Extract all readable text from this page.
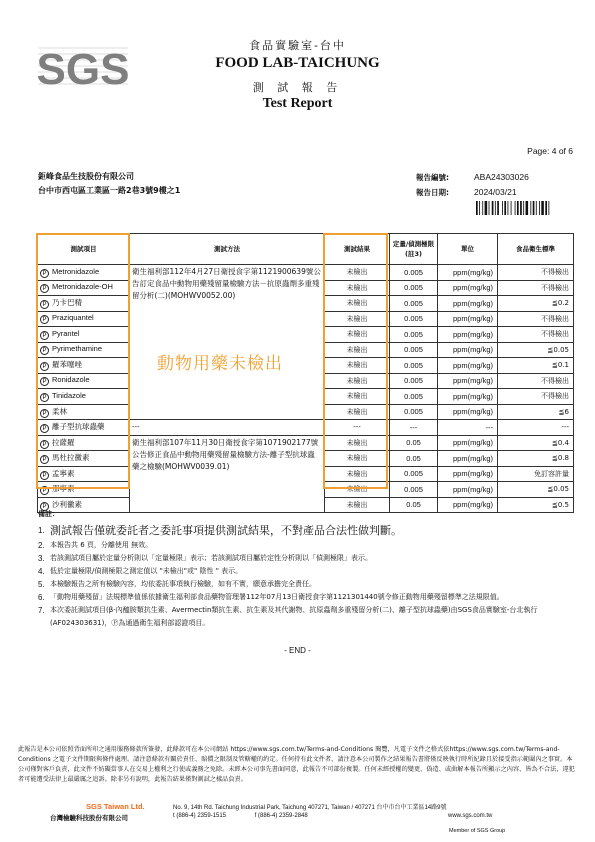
SGS	食品實驗室-台中
FOOD LAB-TAICHUNG
測 試 報 告
Test Report
Page: 4 of 6
鉅峰食品生技股份有限公司
台中市西屯區工業區一路2巷3號9樓之1
報告編號:	ABA24303026
報告日期:	2024/03/21
測試項目	測試方法	測試結果	定量/偵測極限(註3)	單位	食品衛生標準
P Metronidazole	衛生福利部112年4月27日衛授食字第1121900639號公告訂定食品中動物用藥殘留量檢驗方法－抗原蟲劑多重殘留分析(二)(MOHWV0052.00)	未檢出	0.005	ppm(mg/kg)	不得檢出
P Metronidazole-OH		未檢出	0.005	ppm(mg/kg)	不得檢出
P 乃卡巴精		未檢出	0.005	ppm(mg/kg)	≦0.2
P Praziquantel		未檢出	0.005	ppm(mg/kg)	不得檢出
P Pyrantel		未檢出	0.005	ppm(mg/kg)	不得檢出
P Pyrimethamine		未檢出	0.005	ppm(mg/kg)	≦0.05
P 羅苯噻唑		未檢出	0.005	ppm(mg/kg)	≦0.1
P Ronidazole		未檢出	0.005	ppm(mg/kg)	不得檢出
P Tinidazole		未檢出	0.005	ppm(mg/kg)	不得檢出
P 柔林		未檢出	0.005	ppm(mg/kg)	≦6
P 離子型抗球蟲藥	---	---	---	---	---
P 拉薩羅	衛生福利部107年11月30日衛授食字第1071902177號公告修正食品中動物用藥殘留量檢驗方法-離子型抗球蟲藥之檢驗(MOHWV0039.01)	未檢出	0.05	ppm(mg/kg)	≦0.4
P 馬杜拉黴素		未檢出	0.05	ppm(mg/kg)	≦0.8
P 孟寧素		未檢出	0.005	ppm(mg/kg)	免訂容許量
P 那寧素		未檢出	0.005	ppm(mg/kg)	≦0.05
P 沙利黴素		未檢出	0.05	ppm(mg/kg)	≦0.5
動物用藥未檢出
備註：
1. 測試報告僅就委託者之委託事項提供測試結果，不對產品合法性做判斷。
2. 本報告共 6 頁，分離使用 無效。
3. 若該測試項目屬於定量分析則以「定量極限」表示；若該測試項目屬於定性分析則以「偵測極限」表示。
4. 低於定量極限/偵測極限之測定值以 "未檢出"或" 陰性 " 表示。
5. 本檢驗報告之所有檢驗內容，均依委託事項執行檢驗，如有不實，願意承擔完全責任。
6. 「動物用藥殘留」法規標準值係依據衛生福利部食品藥物管理署112年07月13日衛授食字第1121301440號令修正動物用藥殘留標準之法規限值。
7. 本次委託測試項目(β-內醯胺類抗生素、Avermectin類抗生素、抗生素及其代謝物、抗原蟲劑多重殘留分析(二)、離子型抗球蟲藥)由SGS食品實驗室-台北執行(AF024303631)，Ⓟ為通過衛生福利部認證項目。
- END -
此報告是本公司依照背面所印之通用服務條款所簽發，此條款可在本公司網站 https://www.sgs.com.tw/Terms-and-Conditions 閱覽，凡電子文件之格式依https://www.sgs.com.tw/Terms-and-Conditions 之電子文件期限與條件處理。請注意條款有關於責任、賠償之限制及管轄權的約定。任何持有此文件者，請注意本公司製作之結果報告書將僅反映執行時所紀錄且於接受指示範圍內之事實。本公司僅對客戶負責，此文件不妨礙當事人在交易上權利之行使或義務之免除。未經本公司事先書面同意，此報告不可部份複製。任何未經授權的變更、偽造、或曲解本報告所顯示之內容，皆為不合法，違犯者可能遭受法律上最嚴厲之追訴。除非另有說明，此報告結果僅對測試之樣品負責。
SGS Taiwan Ltd.
台灣檢驗科技股份有限公司
No. 9, 14th Rd. Taichung Industrial Park, Taichung 407271, Taiwan / 407271 台中市台中工業區14路9號
t (886-4) 2359-1515	f (886-4) 2359-2848	www.sgs.com.tw
Member of SGS Group
